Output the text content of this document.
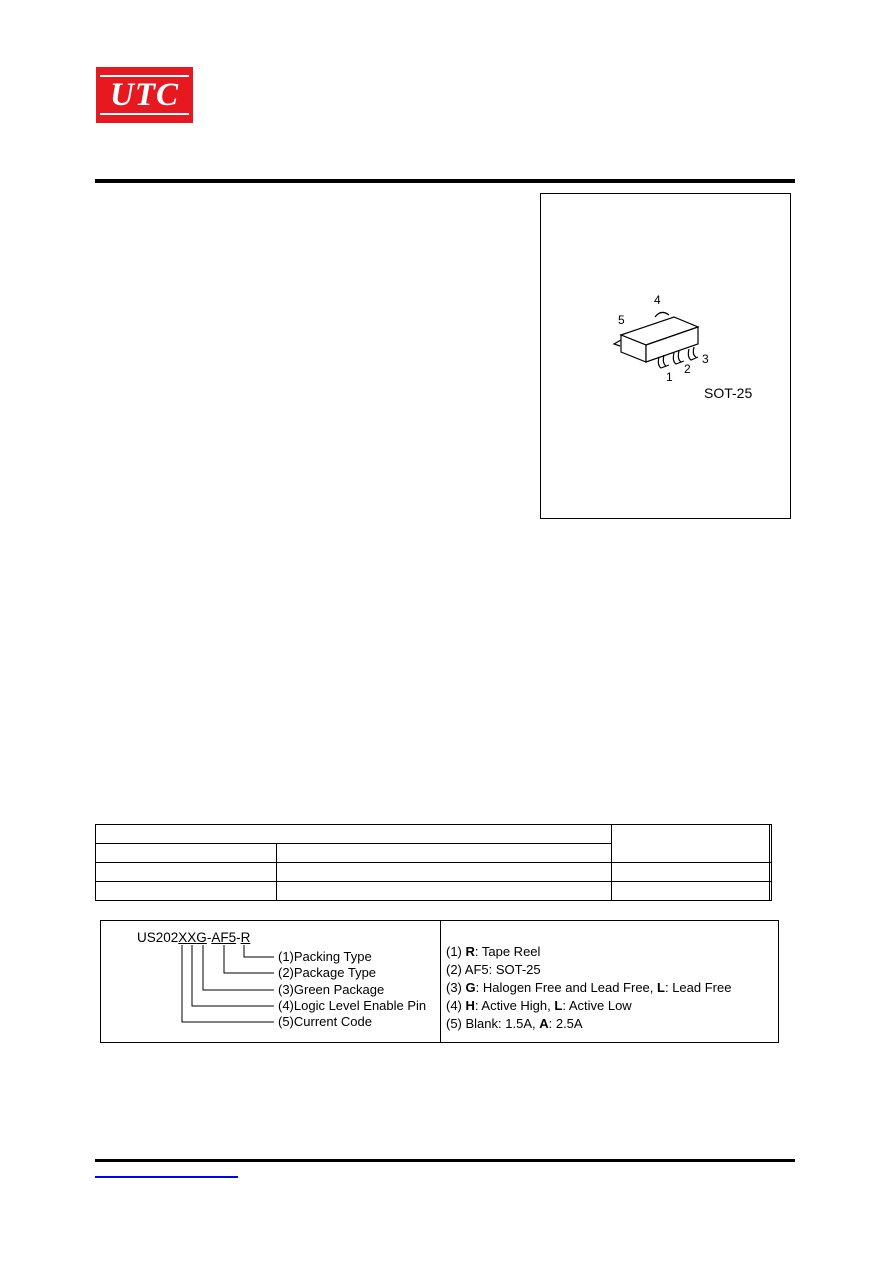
UTC
1
2
3
4
5
SOT-25

US202XXG-AF5-R
(1)Packing Type
(2)Package Type
(3)Green Package
(4)Logic Level Enable Pin
(5)Current Code
(1) R: Tape Reel
(2) AF5: SOT-25
(3) G: Halogen Free and Lead Free, L: Lead Free
(4) H: Active High, L: Active Low
(5) Blank: 1.5A, A: 2.5A
